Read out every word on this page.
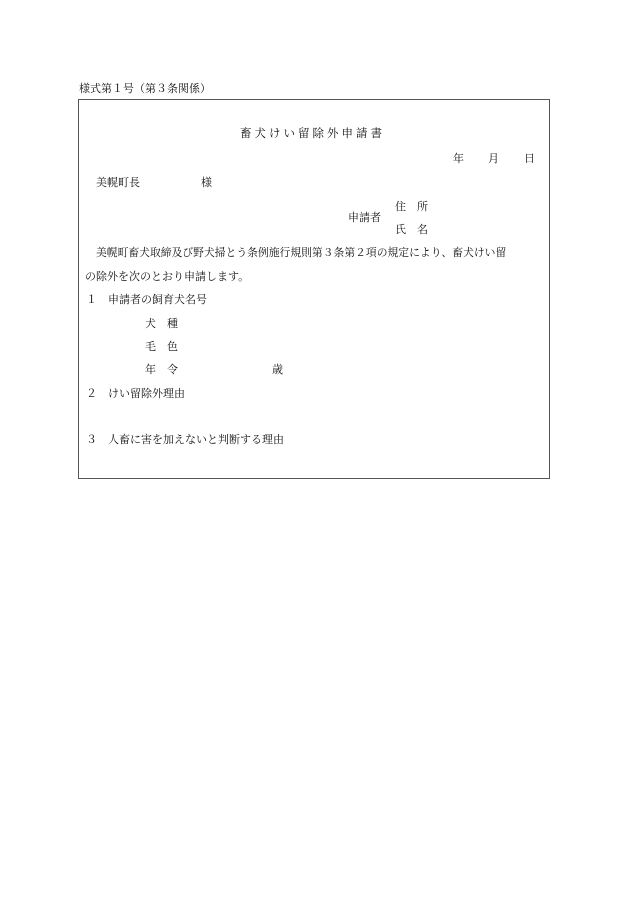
様式第１号（第３条関係）
畜犬けい留除外申請書
年 月 日
美幌町長	様
申請者
住　所
氏　名
美幌町畜犬取締及び野犬掃とう条例施行規則第３条第２項の規定により、畜犬けい留
の除外を次のとおり申請します。
１ 申請者の飼育犬名号
犬　種
毛　色
年　令	歳
２ けい留除外理由
３ 人畜に害を加えないと判断する理由
